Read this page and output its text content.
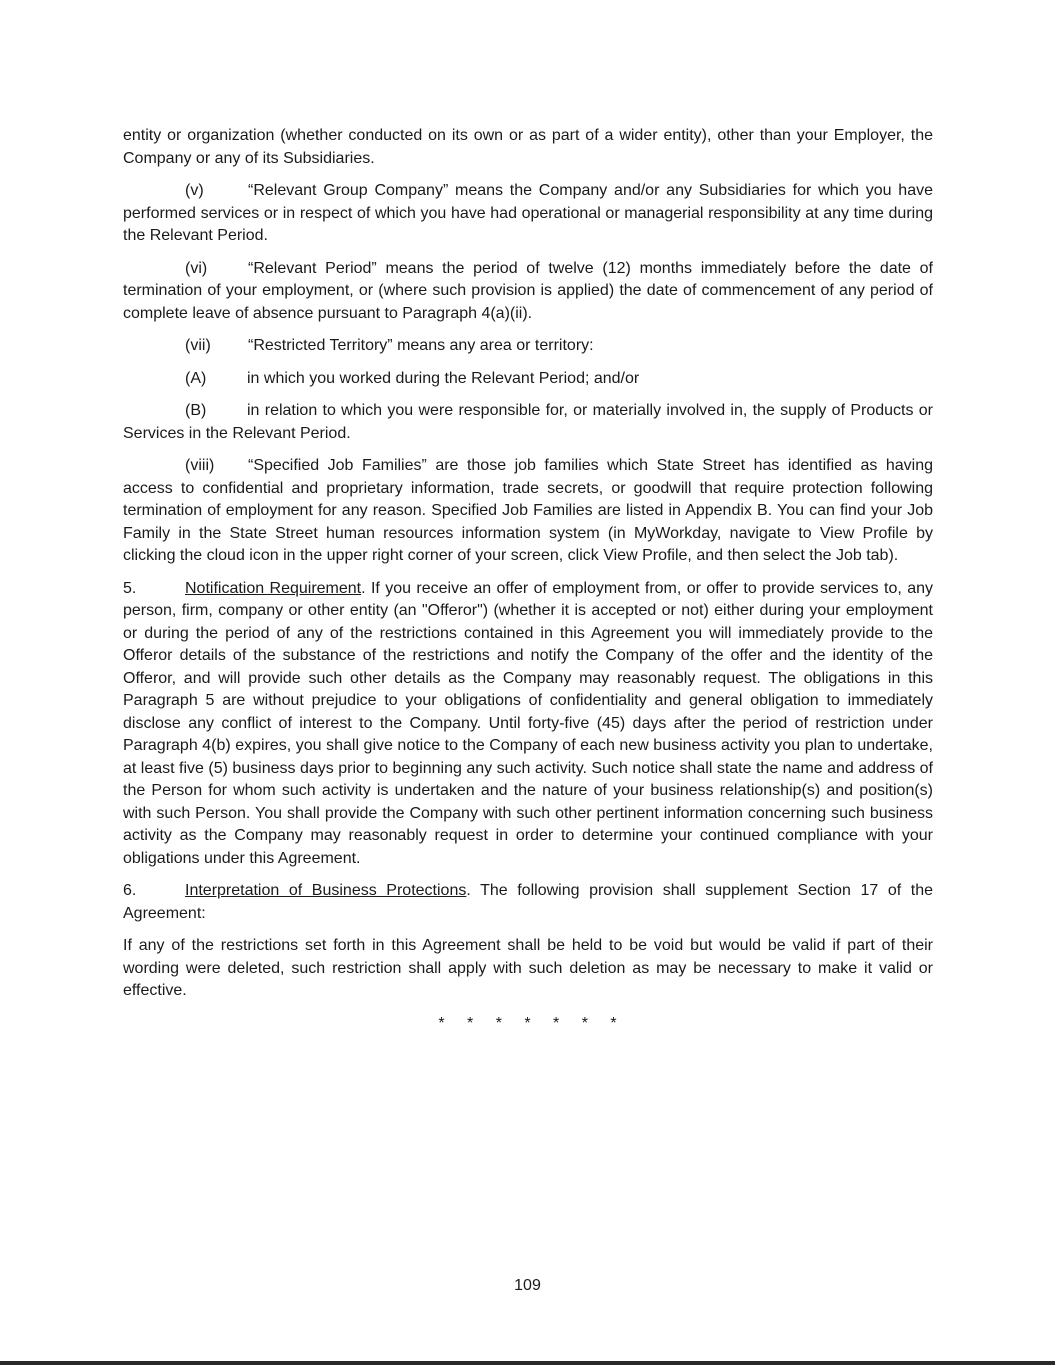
entity or organization (whether conducted on its own or as part of a wider entity), other than your Employer, the Company or any of its Subsidiaries.

(v)	“Relevant Group Company” means the Company and/or any Subsidiaries for which you have performed services or in respect of which you have had operational or managerial responsibility at any time during the Relevant Period.

(vi)	“Relevant Period” means the period of twelve (12) months immediately before the date of termination of your employment, or (where such provision is applied) the date of commencement of any period of complete leave of absence pursuant to Paragraph 4(a)(ii).

(vii) “Restricted Territory” means any area or territory:

(A)	in which you worked during the Relevant Period; and/or

(B)	in relation to which you were responsible for, or materially involved in, the supply of Products or Services in the Relevant Period.

(viii) “Specified Job Families” are those job families which State Street has identified as having access to confidential and proprietary information, trade secrets, or goodwill that require protection following termination of employment for any reason. Specified Job Families are listed in Appendix B. You can find your Job Family in the State Street human resources information system (in MyWorkday, navigate to View Profile by clicking the cloud icon in the upper right corner of your screen, click View Profile, and then select the Job tab).

5.	Notification Requirement. If you receive an offer of employment from, or offer to provide services to, any person, firm, company or other entity (an "Offeror") (whether it is accepted or not) either during your employment or during the period of any of the restrictions contained in this Agreement you will immediately provide to the Offeror details of the substance of the restrictions and notify the Company of the offer and the identity of the Offeror, and will provide such other details as the Company may reasonably request. The obligations in this Paragraph 5 are without prejudice to your obligations of confidentiality and general obligation to immediately disclose any conflict of interest to the Company. Until forty-five (45) days after the period of restriction under Paragraph 4(b) expires, you shall give notice to the Company of each new business activity you plan to undertake, at least five (5) business days prior to beginning any such activity. Such notice shall state the name and address of the Person for whom such activity is undertaken and the nature of your business relationship(s) and position(s) with such Person. You shall provide the Company with such other pertinent information concerning such business activity as the Company may reasonably request in order to determine your continued compliance with your obligations under this Agreement.

6.	Interpretation of Business Protections. The following provision shall supplement Section 17 of the Agreement:

If any of the restrictions set forth in this Agreement shall be held to be void but would be valid if part of their wording were deleted, such restriction shall apply with such deletion as may be necessary to make it valid or effective.

* * * * * * *

109
